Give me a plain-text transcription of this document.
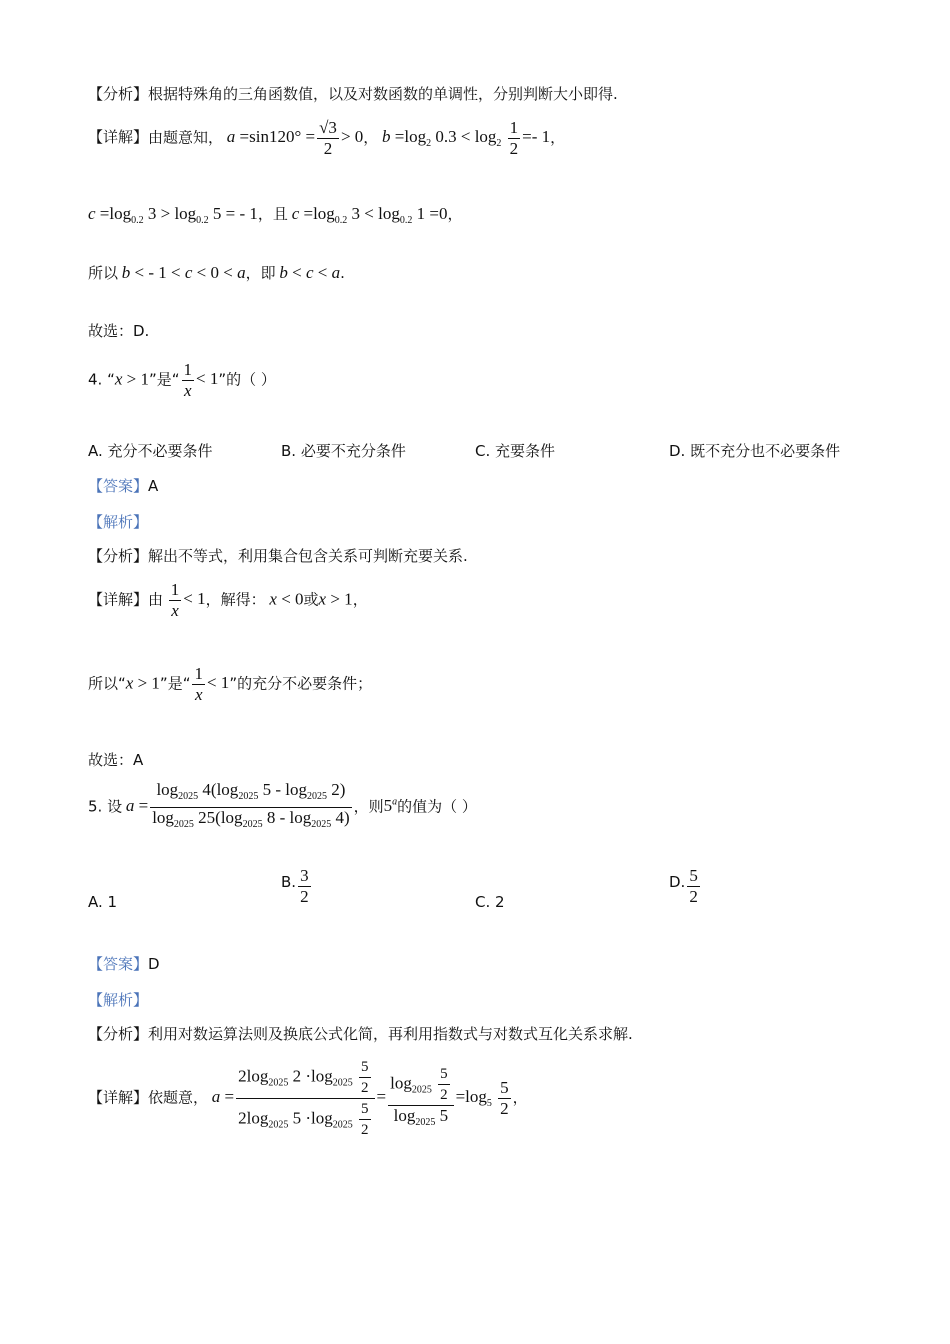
【分析】根据特殊角的三角函数值，以及对数函数的单调性，分别判断大小即得.
【详解】由题意知， $a =\sin 120^\circ = \frac{√3}{2} > 0$， $b =\log_2$ $0.3 < \log_2 \frac{1}{2} =- 1$，
$c =\log_{0.2}$ $3 > \log_{0.2} 5$ = - 1，且 $c =\log_{0.2}$ $3 < \log_{0.2} 1 =0$，
所以 b < - 1 < c < 0 < a，即 b < c < a.
故选：D.
4. “x > 1”是“ $\frac{1}{x} < 1$”的（ ）
A. 充分不必要条件	B. 必要不充分条件	C. 充要条件	D. 既不充分也不必要条件
【答案】A
【解析】
【分析】解出不等式，利用集合包含关系可判断充要关系.
【详解】由 $\frac{1}{x} < 1$，解得： x < 0或x > 1，
所以“x > 1”是“ $\frac{1}{x} < 1$”的充分不必要条件；
故选：A
5. 设 $a = \frac{\log_{2025} 4(\log_{2025} 5 - \log_{2025} 2)}{\log_{2025} 25(\log_{2025} 8 - \log_{2025} 4)}$ ，则5$^a$的值为（ ）
A. 1
B. $\frac{3}{2}$	C. 2
D. $\frac{5}{2}$
【答案】D
【解析】
【分析】利用对数运算法则及换底公式化简，再利用指数式与对数式互化关系求解.
【详解】依题意， $a = \frac{2\log_{2025} 2 \cdot\log_{2025} \frac{5}{2}}{2\log_{2025} 5 \cdot\log_{2025} \frac{5}{2}} = \frac{\log_{2025} \frac{5}{2}}{\log_{2025} 5} =\log_5 \frac{5}{2}$ ，
